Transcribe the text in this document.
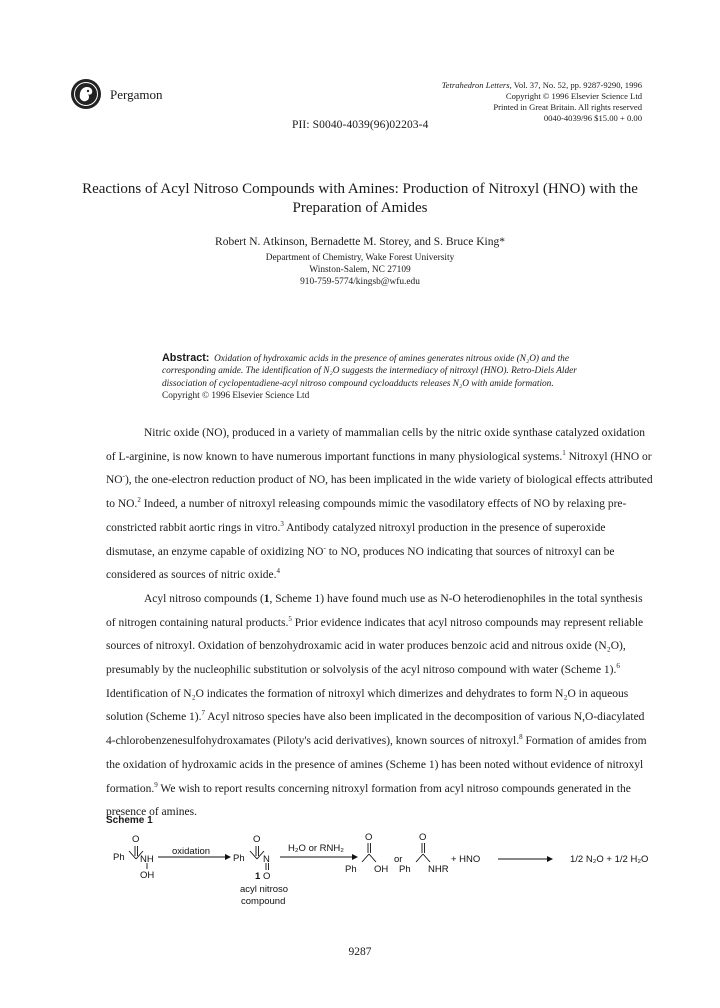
Pergamon
Tetrahedron Letters, Vol. 37, No. 52, pp. 9287-9290, 1996
Copyright © 1996 Elsevier Science Ltd
Printed in Great Britain. All rights reserved
0040-4039/96 $15.00 + 0.00
PII: S0040-4039(96)02203-4
Reactions of Acyl Nitroso Compounds with Amines: Production of Nitroxyl (HNO) with the
Preparation of Amides
Robert N. Atkinson, Bernadette M. Storey, and S. Bruce King*
Department of Chemistry, Wake Forest University
Winston-Salem, NC 27109
910-759-5774/kingsb@wfu.edu
Abstract: Oxidation of hydroxamic acids in the presence of amines generates nitrous oxide (N₂O) and the corresponding amide. The identification of N₂O suggests the intermediacy of nitroxyl (HNO). Retro-Diels Alder dissociation of cyclopentadiene-acyl nitroso compound cycloadducts releases N₂O with amide formation. Copyright © 1996 Elsevier Science Ltd

Nitric oxide (NO), produced in a variety of mammalian cells by the nitric oxide synthase catalyzed oxidation of L-arginine, is now known to have numerous important functions in many physiological systems.$^1$ Nitroxyl (HNO or NO-), the one-electron reduction product of NO, has been implicated in the wide variety of biological effects attributed to NO.$^2$ Indeed, a number of nitroxyl releasing compounds mimic the vasodilatory effects of NO by relaxing pre-constricted rabbit aortic rings in vitro.$^3$ Antibody catalyzed nitroxyl production in the presence of superoxide dismutase, an enzyme capable of oxidizing NO- to NO, produces NO indicating that sources of nitroxyl can be considered as sources of nitric oxide.$^4$

Acyl nitroso compounds (1, Scheme 1) have found much use as N-O heterodienophiles in the total synthesis of nitrogen containing natural products.$^5$ Prior evidence indicates that acyl nitroso compounds may represent reliable sources of nitroxyl. Oxidation of benzohydroxamic acid in water produces benzoic acid and nitrous oxide (N₂O), presumably by the nucleophilic substitution or solvolysis of the acyl nitroso compound with water (Scheme 1).$^6$ Identification of N₂O indicates the formation of nitroxyl which dimerizes and dehydrates to form N₂O in aqueous solution (Scheme 1).$^7$ Acyl nitroso species have also been implicated in the decomposition of various N,O-diacylated 4-chlorobenzenesulfohydroxamates (Piloty's acid derivatives), known sources of nitroxyl.$^8$ Formation of amides from the oxidation of hydroxamic acids in the presence of amines (Scheme 1) has been noted without evidence of nitroxyl formation.$^9$ We wish to report results concerning nitroxyl formation from acyl nitroso compounds generated in the presence of amines.

Scheme 1
O
Ph NH
OH
oxidation
O
Ph N
1 O
acyl nitroso
compound
H₂O or RNH₂
O
Ph OH
or
O
Ph NHR
+ HNO	1/2 N₂O + 1/2 H₂O
9287
